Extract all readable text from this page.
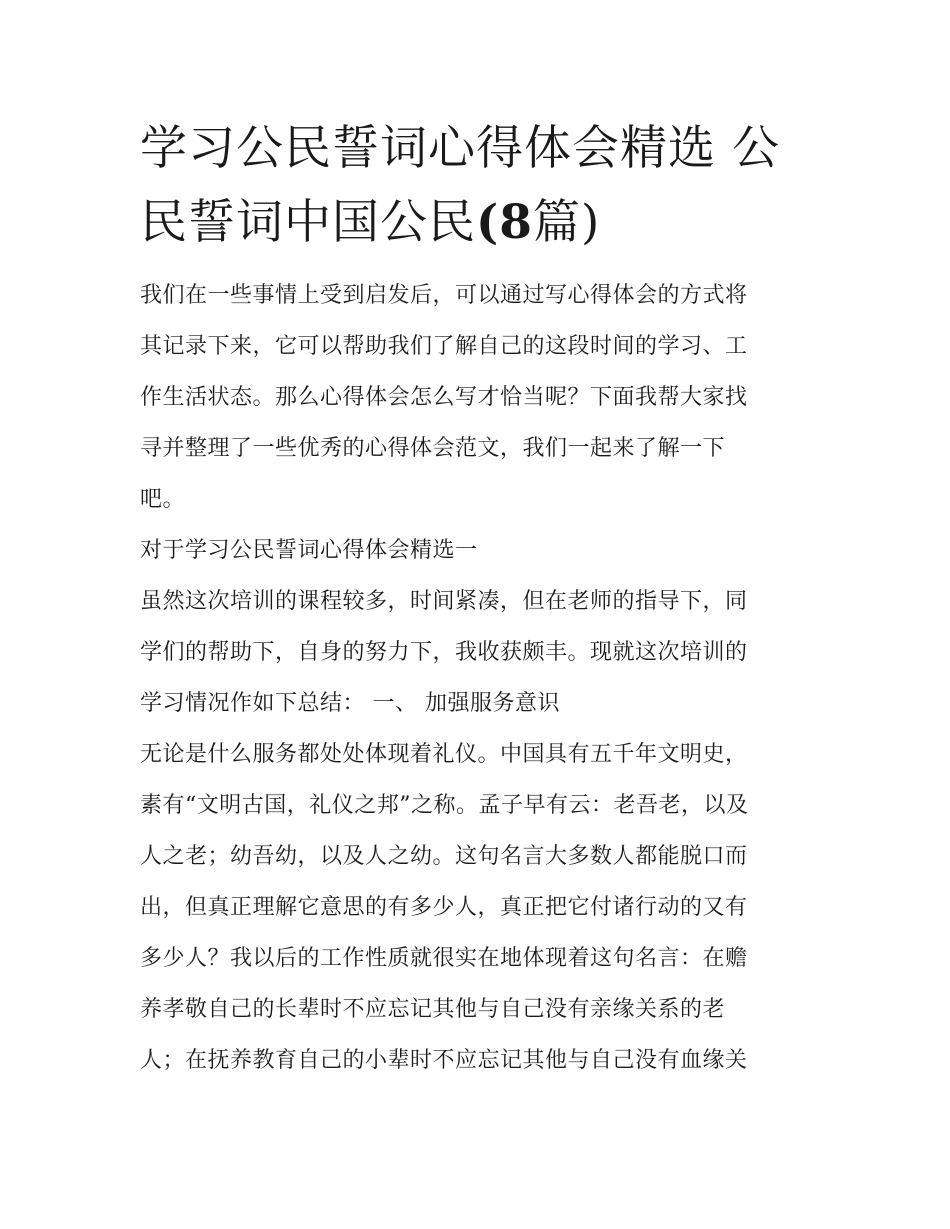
学习公民誓词心得体会精选 公
民誓词中国公民(8篇)

我们在一些事情上受到启发后，可以通过写心得体会的方式将
其记录下来，它可以帮助我们了解自己的这段时间的学习、工
作生活状态。那么心得体会怎么写才恰当呢？下面我帮大家找
寻并整理了一些优秀的心得体会范文，我们一起来了解一下
吧。

对于学习公民誓词心得体会精选一

虽然这次培训的课程较多，时间紧凑，但在老师的指导下，同
学们的帮助下，自身的努力下，我收获颇丰。现就这次培训的
学习情况作如下总结： 一、 加强服务意识

无论是什么服务都处处体现着礼仪。中国具有五千年文明史，
素有“文明古国，礼仪之邦”之称。孟子早有云：老吾老，以及
人之老；幼吾幼，以及人之幼。这句名言大多数人都能脱口而
出，但真正理解它意思的有多少人，真正把它付诸行动的又有
多少人？我以后的工作性质就很实在地体现着这句名言：在赡
养孝敬自己的长辈时不应忘记其他与自己没有亲缘关系的老
人；在抚养教育自己的小辈时不应忘记其他与自己没有血缘关
